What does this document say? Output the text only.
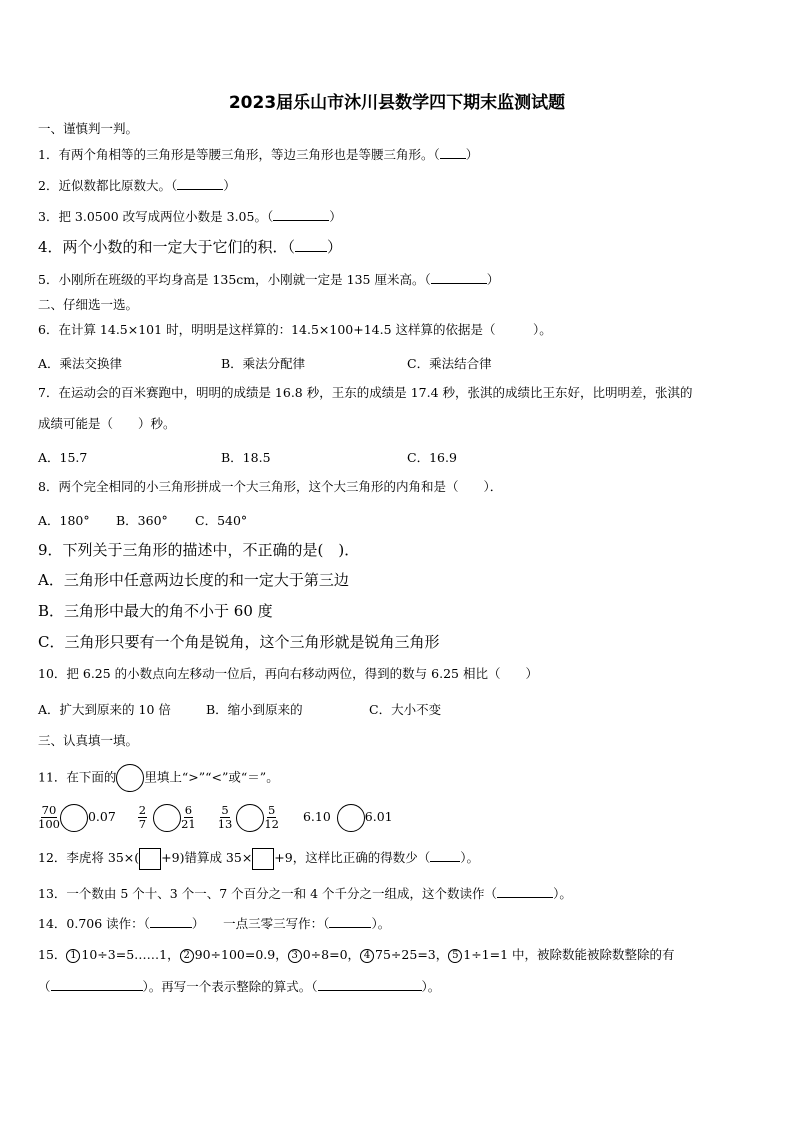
2023届乐山市沐川县数学四下期末监测试题
一、谨慎判一判。
1．有两个角相等的三角形是等腰三角形，等边三角形也是等腰三角形。（ ）
2．近似数都比原数大。（	）
3．把 3.0500 改写成两位小数是 3.05。（	）
4．两个小数的和一定大于它们的积．（ ）
5．小刚所在班级的平均身高是 135cm，小刚就一定是 135 厘米高。（	）
二、仔细选一选。
6．在计算 14.5×101 时，明明是这样算的：14.5×100+14.5 这样算的依据是（　　　）。
A．乘法交换律	B．乘法分配律	C．乘法结合律
7．在运动会的百米赛跑中，明明的成绩是 16.8 秒，王东的成绩是 17.4 秒，张淇的成绩比王东好，比明明差，张淇的
成绩可能是（　　）秒。
A．15.7	B．18.5	C．16.9
8．两个完全相同的小三角形拼成一个大三角形，这个大三角形的内角和是（　　）．
A．180° B．360° C．540°
9．下列关于三角形的描述中，不正确的是(　)．
A．三角形中任意两边长度的和一定大于第三边
B．三角形中最大的角不小于 60 度
C．三角形只要有一个角是锐角，这个三角形就是锐角三角形
10．把 6.25 的小数点向左移动一位后，再向右移动两位，得到的数与 6.25 相比（　　）
A．扩大到原来的 10 倍	B．缩小到原来的	C．大小不变
三、认真填一填。
11．在下面的 里填上“>”“<”或“＝”。
$\frac{70}{100} 0.07 \frac{2}{7}$	$\frac{6}{21}$
$\frac{5}{13}$	$\frac{5}{12} 6.10$	6.01
12．李虎将 35×( +9)错算成 35× +9，这样比正确的得数少（ ）。
13．一个数由 5 个十、3 个一、7 个百分之一和 4 个千分之一组成，这个数读作（	）。
14．0.706 读作：（	）　　一点三零三写作：（	）。
15． 1 10÷3=5……1， 2 90÷100=0.9， 3 0÷8=0， 4 75÷25=3， 5 1÷1=1 中，被除数能被除数整除的有
（	）。再写一个表示整除的算式。（	）。
